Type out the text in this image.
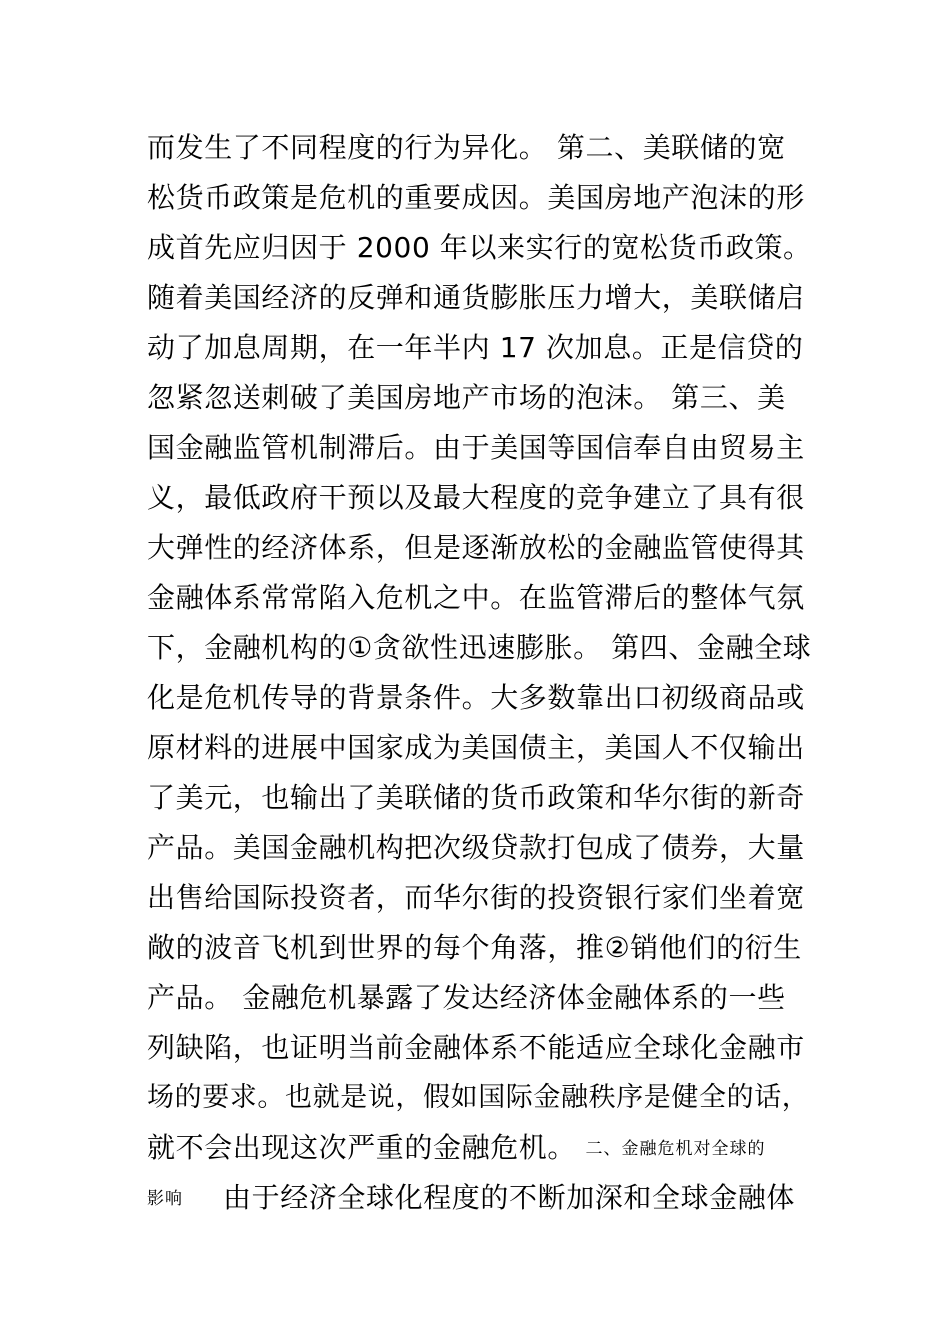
而发生了不同程度的行为异化。 第二、美联储的宽
松货币政策是危机的重要成因。美国房地产泡沫的形
成首先应归因于 2000 年以来实行的宽松货币政策。
随着美国经济的反弹和通货膨胀压力增大，美联储启
动了加息周期，在一年半内 17 次加息。正是信贷的
忽紧忽送刺破了美国房地产市场的泡沫。 第三、美
国金融监管机制滞后。由于美国等国信奉自由贸易主
义，最低政府干预以及最大程度的竞争建立了具有很
大弹性的经济体系，但是逐渐放松的金融监管使得其
金融体系常常陷入危机之中。在监管滞后的整体气氛
下，金融机构的①贪欲性迅速膨胀。 第四、金融全球
化是危机传导的背景条件。大多数靠出口初级商品或
原材料的进展中国家成为美国债主，美国人不仅输出
了美元，也输出了美联储的货币政策和华尔街的新奇
产品。美国金融机构把次级贷款打包成了债券，大量
出售给国际投资者，而华尔街的投资银行家们坐着宽
敞的波音飞机到世界的每个角落，推②销他们的衍生
产品。 金融危机暴露了发达经济体金融体系的一些
列缺陷，也证明当前金融体系不能适应全球化金融市
场的要求。也就是说，假如国际金融秩序是健全的话，
就不会出现这次严重的金融危机。 二、金融危机对全球的
影响 由于经济全球化程度的不断加深和全球金融体
